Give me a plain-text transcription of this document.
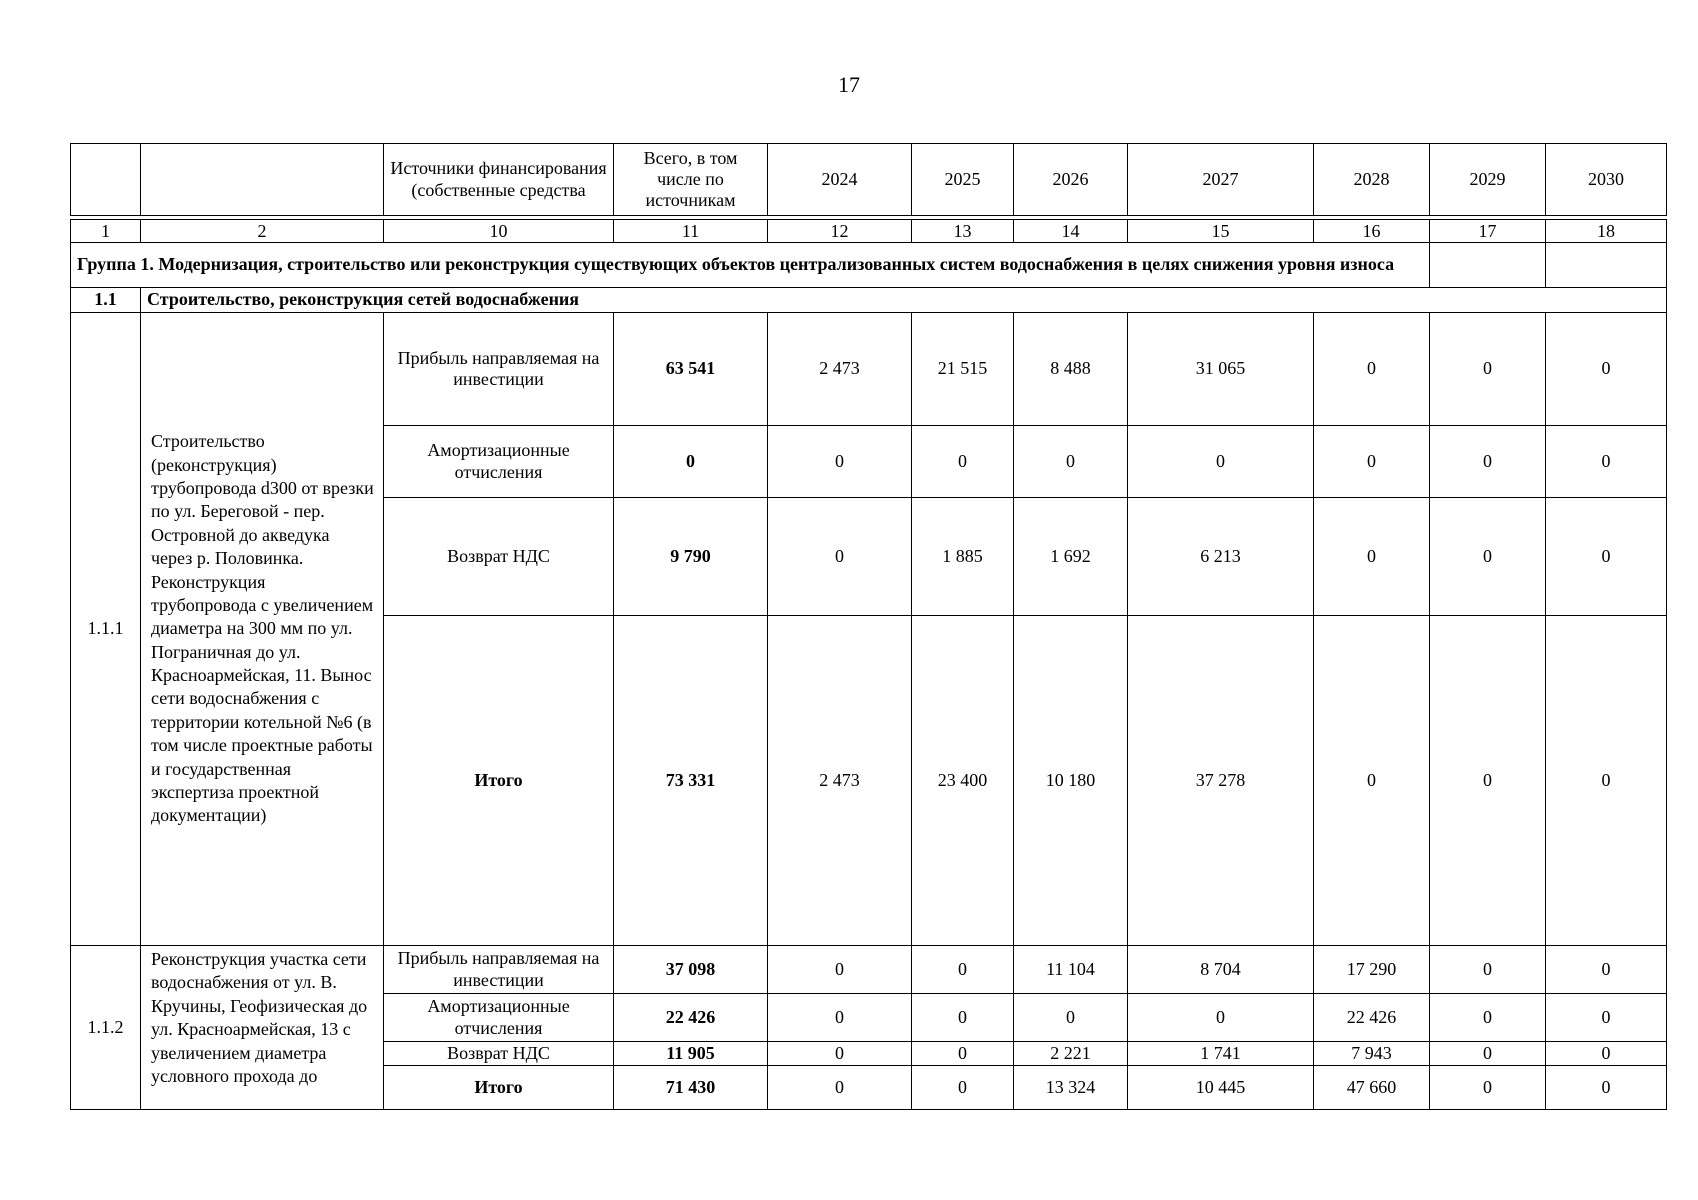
17
		Источники финансирования (собственные средства	Всего, в том числе по источникам	2024	2025	2026	2027	2028	2029	2030
1	2	10	11	12	13	14	15	16	17	18
Группа 1. Модернизация, строительство или реконструкция существующих объектов централизованных систем водоснабжения в целях снижения уровня износа										
1.1	Строительство, реконструкция сетей водоснабжения									
1.1.1	Строительство (реконструкция) трубопровода d300 от врезки по ул. Береговой - пер. Островной до акведука через р. Половинка. Реконструкция трубопровода с увеличением диаметра на 300 мм по ул. Пограничная до ул. Красноармейская, 11. Вынос сети водоснабжения с территории котельной №6 (в том числе проектные работы и государственная экспертиза проектной документации)	Прибыль направляемая на инвестиции	63 541	2 473	21 515	8 488	31 065	0	0	0
		Амортизационные отчисления	0	0	0	0	0	0	0	0
		Возврат НДС	9 790	0	1 885	1 692	6 213	0	0	0
		Итого	73 331	2 473	23 400	10 180	37 278	0	0	0
1.1.2	Реконструкция участка сети водоснабжения от ул. В. Кручины, Геофизическая до ул. Красноармейская, 13 с увеличением диаметра условного прохода до	Прибыль направляемая на инвестиции	37 098	0	0	11 104	8 704	17 290	0	0
		Амортизационные отчисления	22 426	0	0	0	0	22 426	0	0
		Возврат НДС	11 905	0	0	2 221	1 741	7 943	0	0
		Итого	71 430	0	0	13 324	10 445	47 660	0	0
